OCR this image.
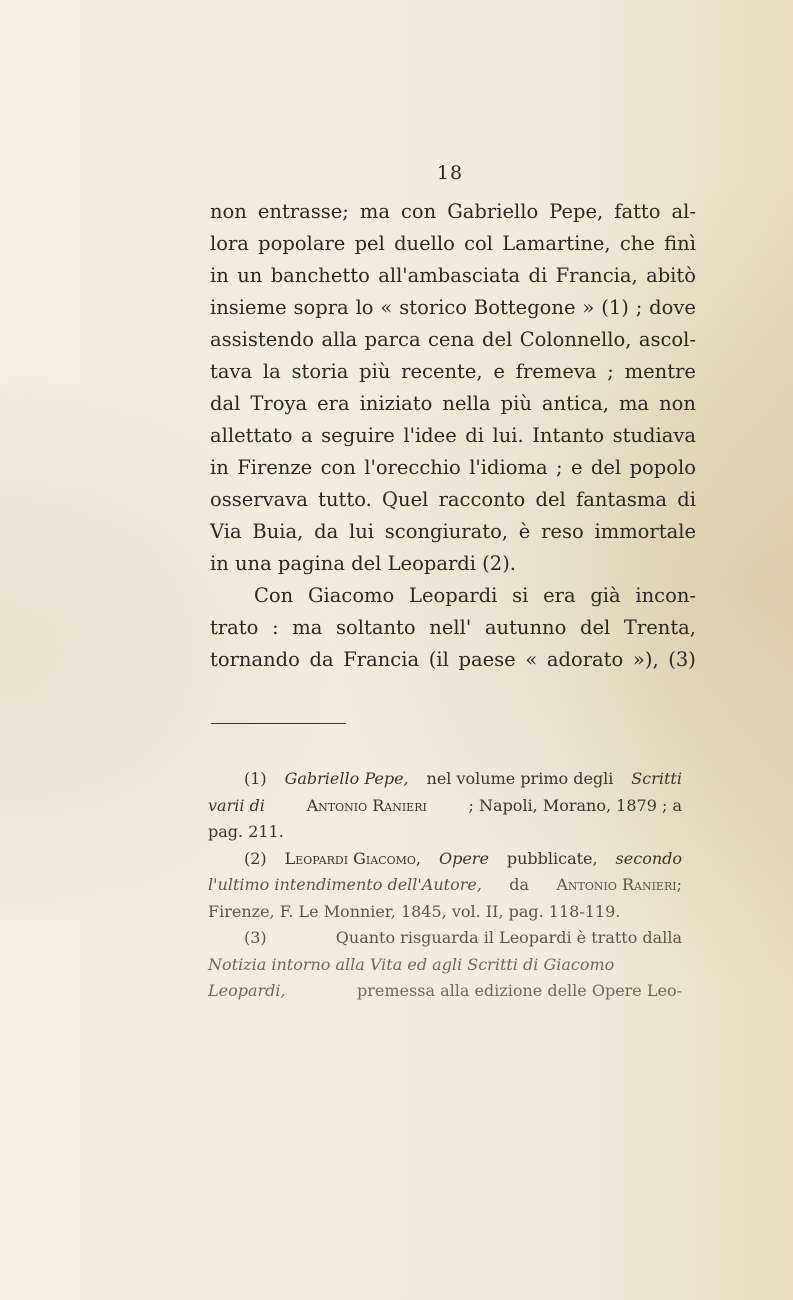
18
non entrasse; ma con Gabriello Pepe, fatto al-
lora popolare pel duello col Lamartine, che finì
in un banchetto all'ambasciata di Francia, abitò
insieme sopra lo « storico Bottegone » (1) ; dove
assistendo alla parca cena del Colonnello, ascol-
tava la storia più recente, e fremeva ; mentre
dal Troya era iniziato nella più antica, ma non
allettato a seguire l'idee di lui. Intanto studiava
in Firenze con l'orecchio l'idioma ; e del popolo
osservava tutto. Quel racconto del fantasma di
Via Buia, da lui scongiurato, è reso immortale
in una pagina del Leopardi (2).
Con Giacomo Leopardi si era già incon-
trato : ma soltanto nell' autunno del Trenta,
tornando da Francia (il paese « adorato »), (3)
(1) Gabriello Pepe, nel volume primo degli Scritti
varii di	Antonio Ranieri	; Napoli, Morano, 1879 ; a
pag. 211.
(2) Leopardi Giacomo, Opere pubblicate, secondo
l'ultimo intendimento dell'Autore, da Antonio Ranieri ;
Firenze, F. Le Monnier, 1845, vol. II, pag. 118-119.
(3)	Quanto risguarda il Leopardi è tratto dalla
Notizia intorno alla Vita ed agli Scritti di Giacomo
Leopardi,	premessa alla edizione delle Opere Leo-
